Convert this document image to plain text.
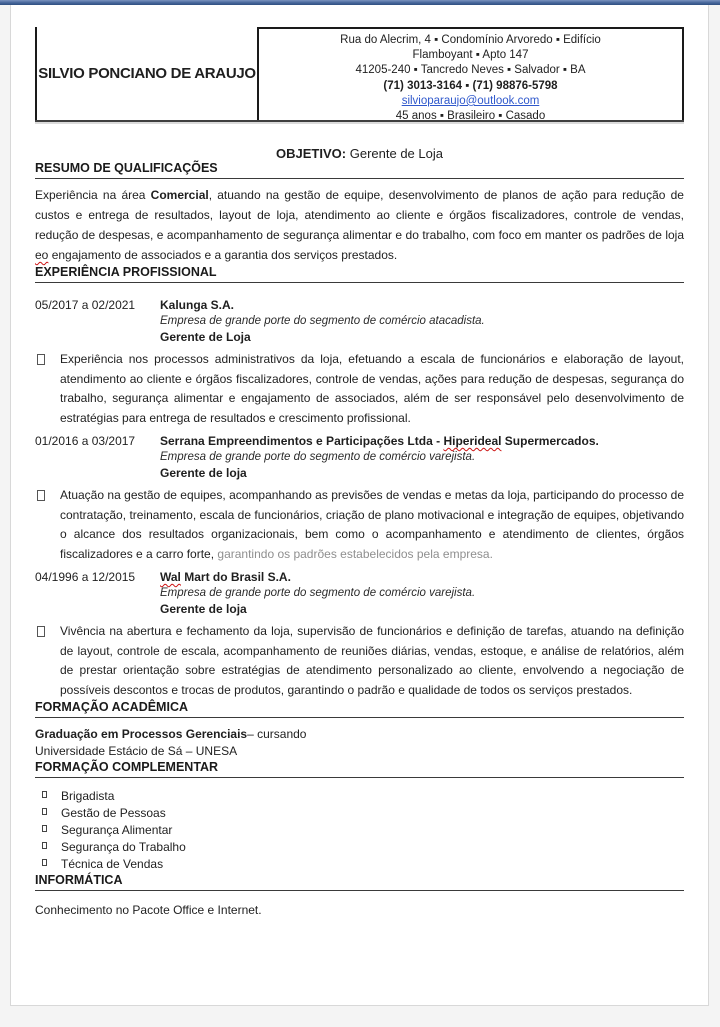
SILVIO PONCIANO DE ARAUJO
Rua do Alecrim, 4 ▪ Condomínio Arvoredo ▪ Edifício
Flamboyant ▪ Apto 147
41205-240 ▪ Tancredo Neves ▪ Salvador ▪ BA
(71) 3013-3164 ▪ (71) 98876-5798
silvioparaujo@outlook.com
45 anos ▪ Brasileiro ▪ Casado
OBJETIVO: Gerente de Loja
RESUMO DE QUALIFICAÇÕES

Experiência na área Comercial, atuando na gestão de equipe, desenvolvimento de planos de ação para redução de custos e entrega de resultados, layout de loja, atendimento ao cliente e órgãos fiscalizadores, controle de vendas, redução de despesas, e acompanhamento de segurança alimentar e do trabalho, com foco em manter os padrões de loja eo engajamento de associados e a garantia dos serviços prestados.

EXPERIÊNCIA PROFISSIONAL
05/2017 a 02/2021	Kalunga S.A.
Empresa de grande porte do segmento de comércio atacadista.
Gerente de Loja

Experiência nos processos administrativos da loja, efetuando a escala de funcionários e elaboração de layout, atendimento ao cliente e órgãos fiscalizadores, controle de vendas, ações para redução de despesas, segurança do trabalho, segurança alimentar e engajamento de associados, além de ser responsável pelo desenvolvimento de estratégias para entrega de resultados e crescimento profissional.

01/2016 a 03/2017	Serrana Empreendimentos e Participações Ltda - Hiperideal Supermercados.
Empresa de grande porte do segmento de comércio varejista.
Gerente de loja

Atuação na gestão de equipes, acompanhando as previsões de vendas e metas da loja, participando do processo de contratação, treinamento, escala de funcionários, criação de plano motivacional e integração de equipes, objetivando o alcance dos resultados organizacionais, bem como o acompanhamento e atendimento de clientes, órgãos fiscalizadores e a carro forte, garantindo os padrões estabelecidos pela empresa.

04/1996 a 12/2015	Wal Mart do Brasil S.A.
Empresa de grande porte do segmento de comércio varejista.
Gerente de loja

Vivência na abertura e fechamento da loja, supervisão de funcionários e definição de tarefas, atuando na definição de layout, controle de escala, acompanhamento de reuniões diárias, vendas, estoque, e análise de relatórios, além de prestar orientação sobre estratégias de atendimento personalizado ao cliente, envolvendo a negociação de possíveis descontos e trocas de produtos, garantindo o padrão e qualidade de todos os serviços prestados.

FORMAÇÃO ACADÊMICA
Graduação em Processos Gerenciais– cursando
Universidade Estácio de Sá – UNESA
FORMAÇÃO COMPLEMENTAR
Brigadista
Gestão de Pessoas
Segurança Alimentar
Segurança do Trabalho
Técnica de Vendas
INFORMÁTICA
Conhecimento no Pacote Office e Internet.
